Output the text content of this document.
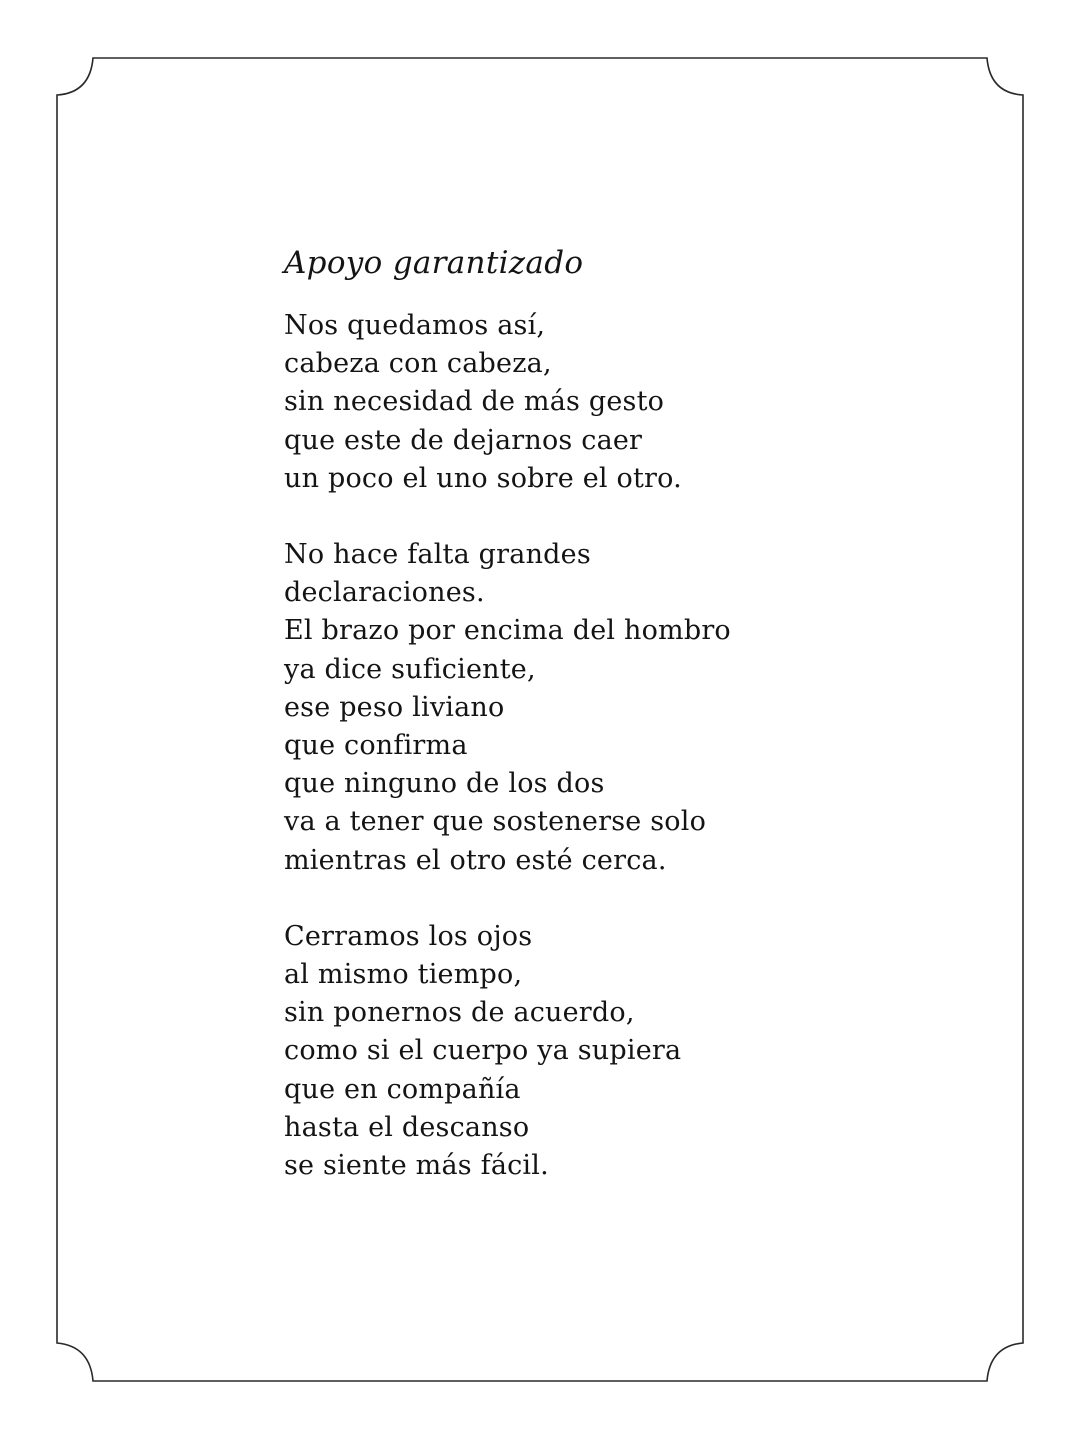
Apoyo garantizado
Nos quedamos así,
cabeza con cabeza,
sin necesidad de más gesto
que este de dejarnos caer
un poco el uno sobre el otro.
No hace falta grandes
declaraciones.
El brazo por encima del hombro
ya dice suficiente,
ese peso liviano
que confirma
que ninguno de los dos
va a tener que sostenerse solo
mientras el otro esté cerca.
Cerramos los ojos
al mismo tiempo,
sin ponernos de acuerdo,
como si el cuerpo ya supiera
que en compañía
hasta el descanso
se siente más fácil.
